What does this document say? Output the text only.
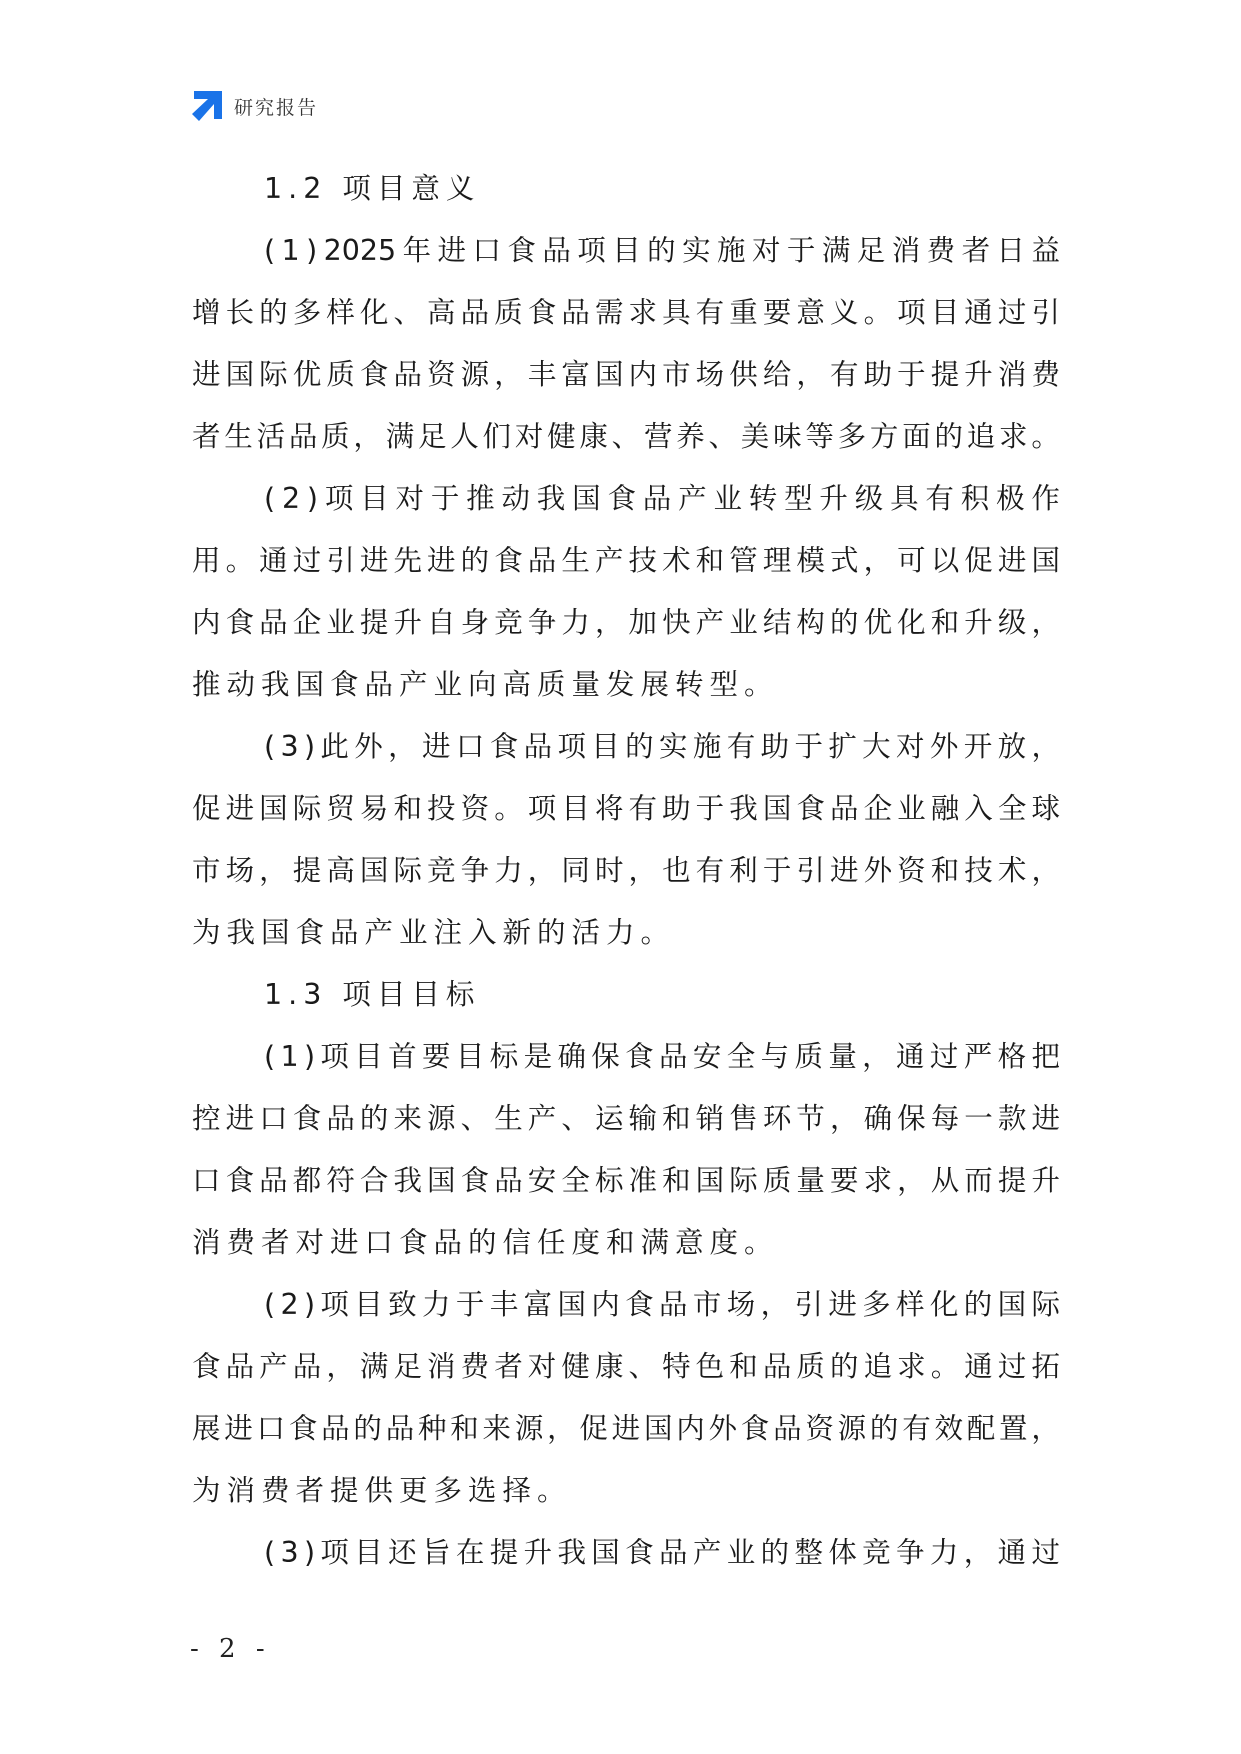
研究报告
1.2 项目意义
( 1 ) 2025 年 进 口 食 品 项 目 的 实 施 对 于 满 足 消 费 者 日 益
增 长 的 多 样 化 、 高 品 质 食 品 需 求 具 有 重 要 意 义 。 项 目 通 过 引
进 国 际 优 质 食 品 资 源 ， 丰 富 国 内 市 场 供 给 ， 有 助 于 提 升 消 费
者 生 活 品 质 ， 满 足 人 们 对 健 康 、 营 养 、 美 味 等 多 方 面 的 追 求 。
( 2 ) 项 目 对 于 推 动 我 国 食 品 产 业 转 型 升 级 具 有 积 极 作
用 。 通 过 引 进 先 进 的 食 品 生 产 技 术 和 管 理 模 式 ， 可 以 促 进 国
内 食 品 企 业 提 升 自 身 竞 争 力 ， 加 快 产 业 结 构 的 优 化 和 升 级 ，
推动我国食品产业向高质量发展转型。
( 3 ) 此 外 ， 进 口 食 品 项 目 的 实 施 有 助 于 扩 大 对 外 开 放 ，
促 进 国 际 贸 易 和 投 资 。 项 目 将 有 助 于 我 国 食 品 企 业 融 入 全 球
市 场 ， 提 高 国 际 竞 争 力 ， 同 时 ， 也 有 利 于 引 进 外 资 和 技 术 ，
为我国食品产业注入新的活力。
1.3 项目目标
( 1 ) 项 目 首 要 目 标 是 确 保 食 品 安 全 与 质 量 ， 通 过 严 格 把
控 进 口 食 品 的 来 源 、 生 产 、 运 输 和 销 售 环 节 ， 确 保 每 一 款 进
口 食 品 都 符 合 我 国 食 品 安 全 标 准 和 国 际 质 量 要 求 ， 从 而 提 升
消费者对进口食品的信任度和满意度。
( 2 ) 项 目 致 力 于 丰 富 国 内 食 品 市 场 ， 引 进 多 样 化 的 国 际
食 品 产 品 ， 满 足 消 费 者 对 健 康 、 特 色 和 品 质 的 追 求 。 通 过 拓
展 进 口 食 品 的 品 种 和 来 源 ， 促 进 国 内 外 食 品 资 源 的 有 效 配 置 ，
为消费者提供更多选择。
( 3 ) 项 目 还 旨 在 提 升 我 国 食 品 产 业 的 整 体 竞 争 力 ， 通 过
- 2 -
